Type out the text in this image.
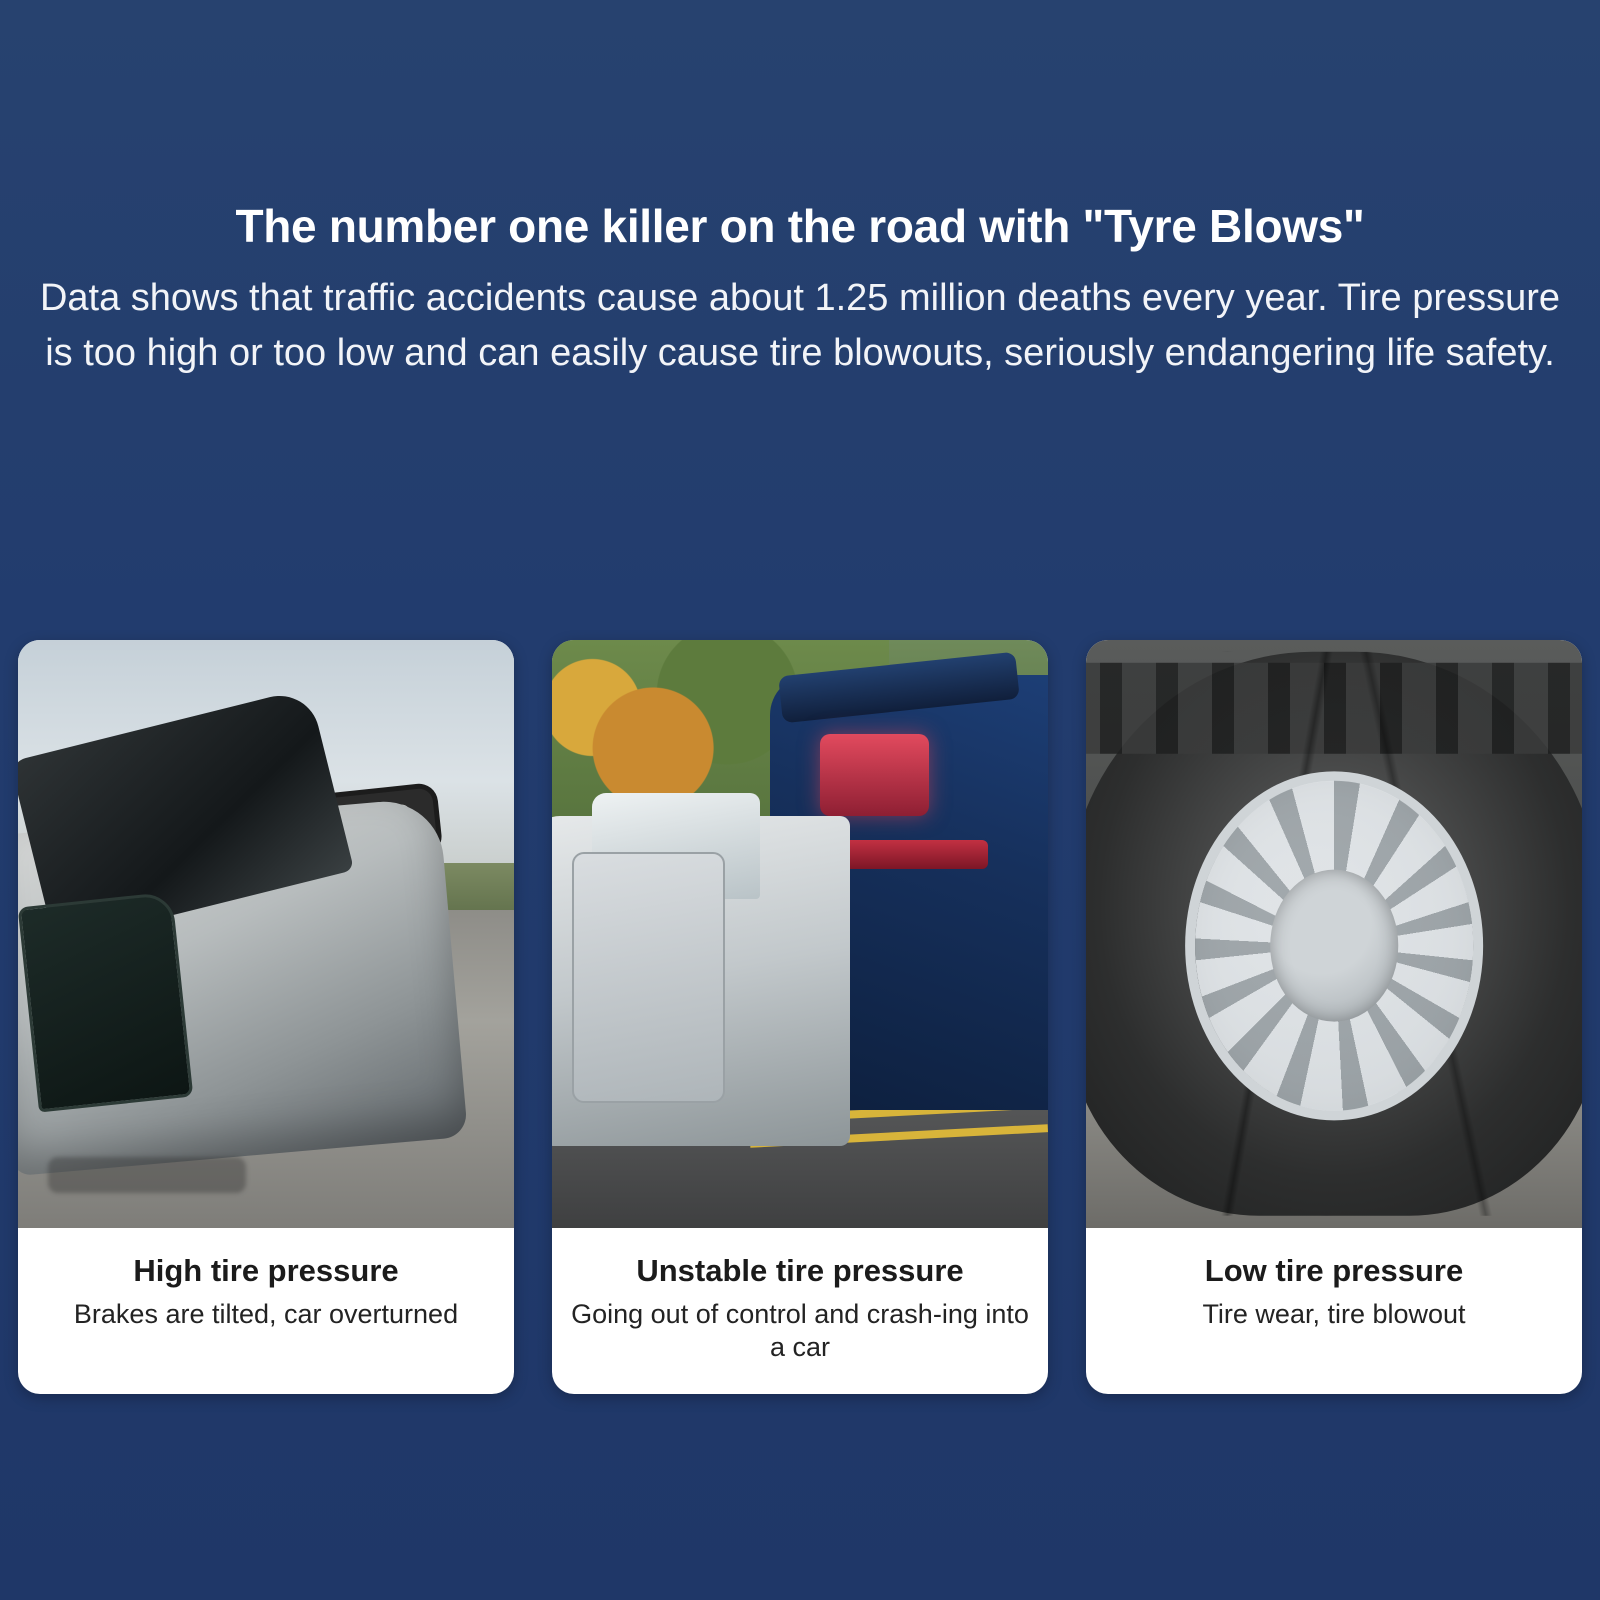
The number one killer on the road with "Tyre Blows"

Data shows that traffic accidents cause about 1.25 million deaths every year. Tire pressure is too high or too low and can easily cause tire blowouts, seriously endangering life safety.

High tire pressure

Brakes are tilted, car overturned

Unstable tire pressure

Going out of control and crash-ing into a car

Low tire pressure

Tire wear, tire blowout
